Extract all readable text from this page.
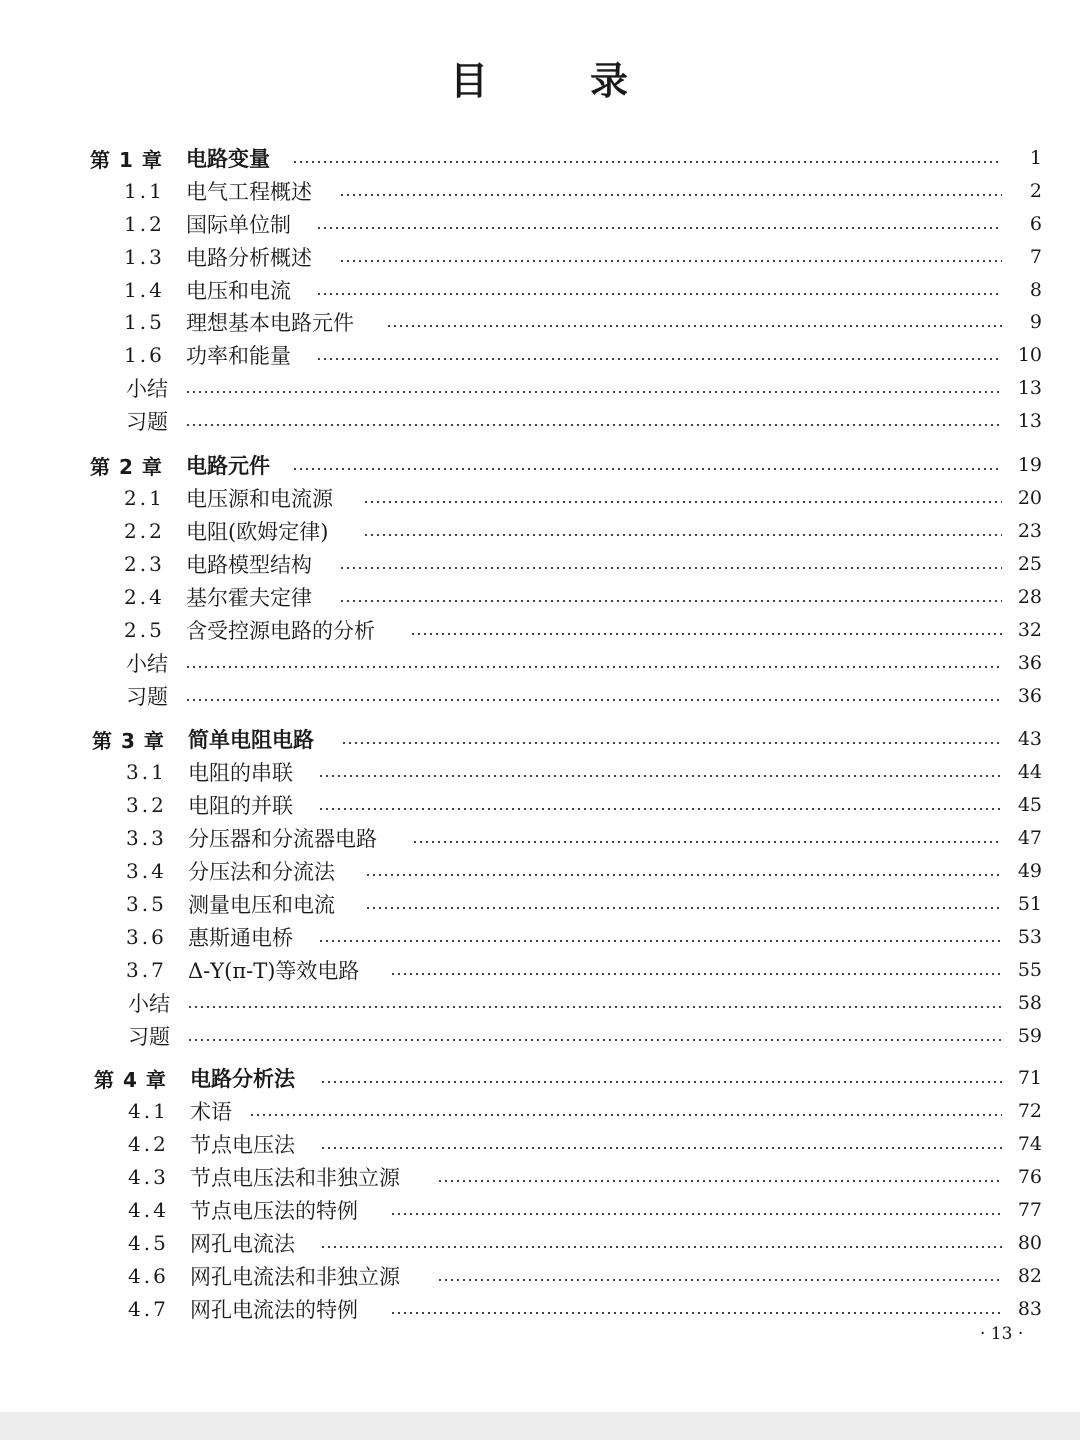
目	录
第 1 章	电路变量	1
1.1	电气工程概述	2
1.2	国际单位制	6
1.3	电路分析概述	7
1.4	电压和电流	8
1.5	理想基本电路元件	9
1.6	功率和能量	10
小结	13
习题	13
第 2 章	电路元件	19
2.1	电压源和电流源	20
2.2	电阻(欧姆定律)	23
2.3	电路模型结构	25
2.4	基尔霍夫定律	28
2.5	含受控源电路的分析	32
小结	36
习题	36
第 3 章	简单电阻电路	43
3.1	电阻的串联	44
3.2	电阻的并联	45
3.3	分压器和分流器电路	47
3.4	分压法和分流法	49
3.5	测量电压和电流	51
3.6	惠斯通电桥	53
3.7	Δ-Y(π-T)等效电路	55
小结	58
习题	59
第 4 章	电路分析法	71
4.1	术语	72
4.2	节点电压法	74
4.3	节点电压法和非独立源	76
4.4	节点电压法的特例	77
4.5	网孔电流法	80
4.6	网孔电流法和非独立源	82
4.7	网孔电流法的特例	83
· 13 ·
